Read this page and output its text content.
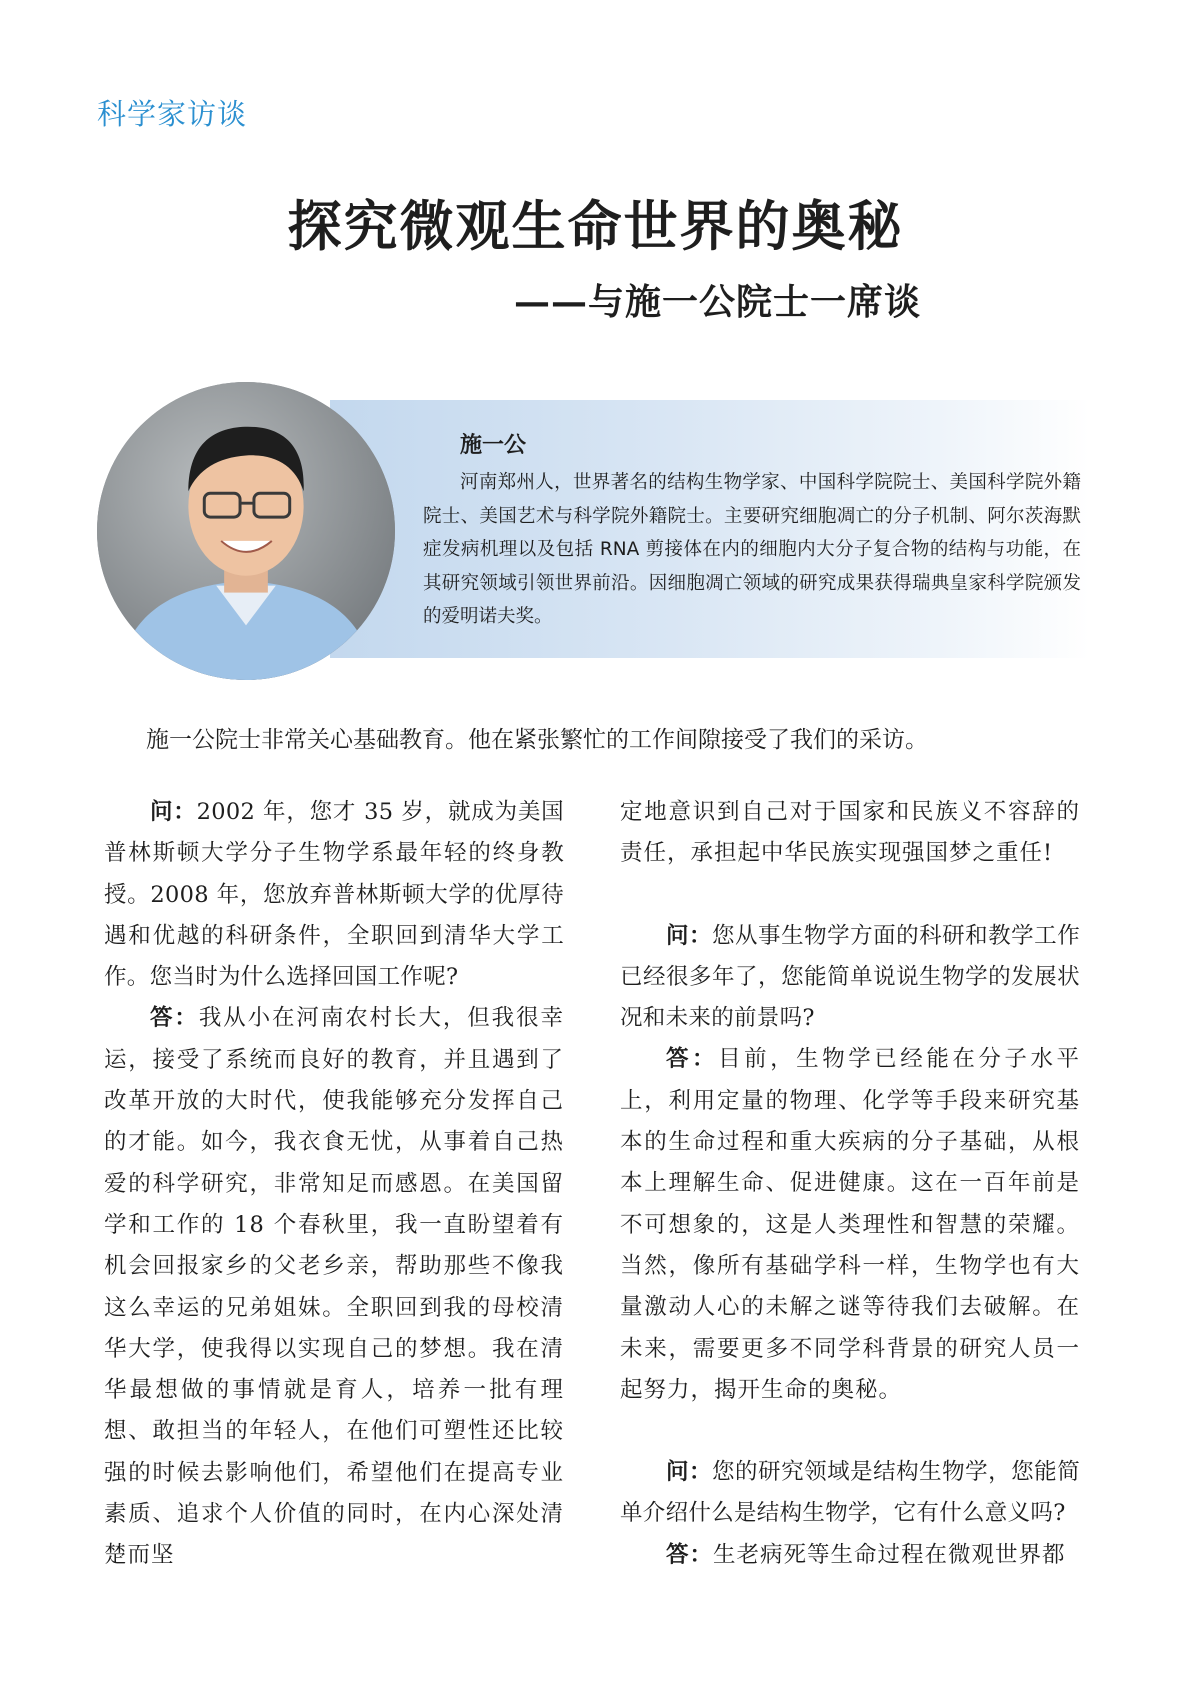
科学家访谈
探究微观生命世界的奥秘
——与施一公院士一席谈
施一公

河南郑州人，世界著名的结构生物学家、中国科学院院士、美国科学院外籍院士、美国艺术与科学院外籍院士。主要研究细胞凋亡的分子机制、阿尔茨海默症发病机理以及包括 RNA 剪接体在内的细胞内大分子复合物的结构与功能，在其研究领域引领世界前沿。因细胞凋亡领域的研究成果获得瑞典皇家科学院颁发的爱明诺夫奖。

施一公院士非常关心基础教育。他在紧张繁忙的工作间隙接受了我们的采访。

问：2002 年，您才 35 岁，就成为美国普林斯顿大学分子生物学系最年轻的终身教授。2008 年，您放弃普林斯顿大学的优厚待遇和优越的科研条件，全职回到清华大学工作。您当时为什么选择回国工作呢?

答：我从小在河南农村长大，但我很幸运，接受了系统而良好的教育，并且遇到了改革开放的大时代，使我能够充分发挥自己的才能。如今，我衣食无忧，从事着自己热爱的科学研究，非常知足而感恩。在美国留学和工作的 18 个春秋里，我一直盼望着有机会回报家乡的父老乡亲，帮助那些不像我这么幸运的兄弟姐妹。全职回到我的母校清华大学，使我得以实现自己的梦想。我在清华最想做的事情就是育人，培养一批有理想、敢担当的年轻人，在他们可塑性还比较强的时候去影响他们，希望他们在提高专业素质、追求个人价值的同时，在内心深处清楚而坚

定地意识到自己对于国家和民族义不容辞的责任，承担起中华民族实现强国梦之重任!

问：您从事生物学方面的科研和教学工作已经很多年了，您能简单说说生物学的发展状况和未来的前景吗?

答：目前，生物学已经能在分子水平上，利用定量的物理、化学等手段来研究基本的生命过程和重大疾病的分子基础，从根本上理解生命、促进健康。这在一百年前是不可想象的，这是人类理性和智慧的荣耀。当然，像所有基础学科一样，生物学也有大量激动人心的未解之谜等待我们去破解。在未来，需要更多不同学科背景的研究人员一起努力，揭开生命的奥秘。

问：您的研究领域是结构生物学，您能简单介绍什么是结构生物学，它有什么意义吗?

答：生老病死等生命过程在微观世界都
